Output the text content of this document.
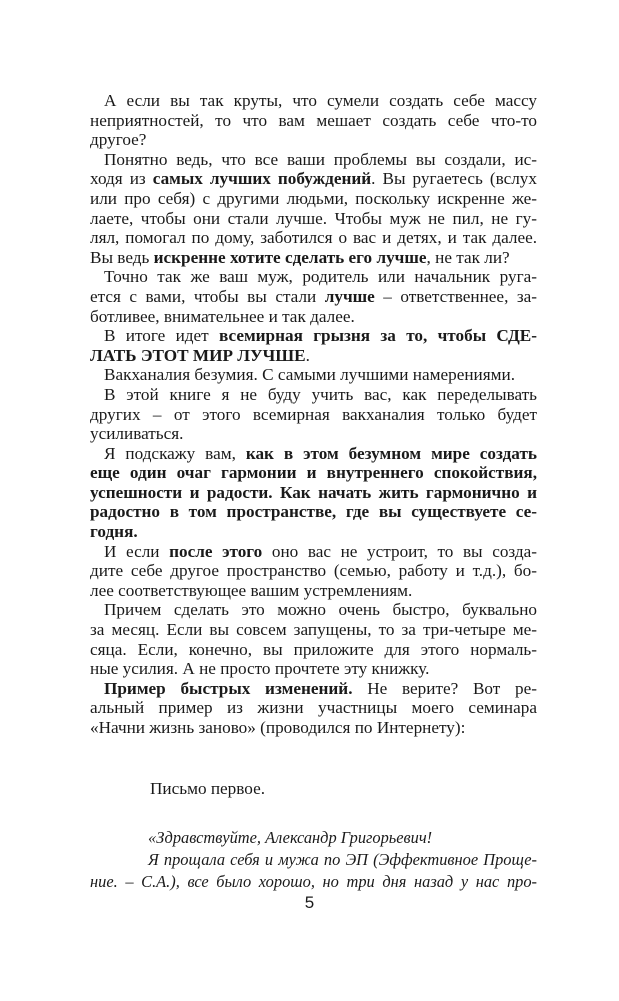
А если вы так круты, что сумели создать себе массу
неприятностей, то что вам мешает создать себе что-то
другое?
Понятно ведь, что все ваши проблемы вы создали, ис-
ходя из самых лучших побуждений. Вы ругаетесь (вслух
или про себя) с другими людьми, поскольку искренне же-
лаете, чтобы они стали лучше. Чтобы муж не пил, не гу-
лял, помогал по дому, заботился о вас и детях, и так далее.
Вы ведь искренне хотите сделать его лучше, не так ли?
Точно так же ваш муж, родитель или начальник руга-
ется с вами, чтобы вы стали лучше – ответственнее, за-
ботливее, внимательнее и так далее.
В итоге идет всемирная грызня за то, чтобы СДЕ-
ЛАТЬ ЭТОТ МИР ЛУЧШЕ.
Вакханалия безумия. С самыми лучшими намерениями.
В этой книге я не буду учить вас, как переделывать
других – от этого всемирная вакханалия только будет
усиливаться.
Я подскажу вам, как в этом безумном мире создать
еще один очаг гармонии и внутреннего спокойствия,
успешности и радости. Как начать жить гармонично и
радостно в том пространстве, где вы существуете се-
годня.
И если после этого оно вас не устроит, то вы созда-
дите себе другое пространство (семью, работу и т.д.), бо-
лее соответствующее вашим устремлениям.
Причем сделать это можно очень быстро, буквально
за месяц. Если вы совсем запущены, то за три-четыре ме-
сяца. Если, конечно, вы приложите для этого нормаль-
ные усилия. А не просто прочтете эту книжку.
Пример быстрых изменений. Не верите? Вот ре-
альный пример из жизни участницы моего семинара
«Начни жизнь заново» (проводился по Интернету):
Письмо первое.
«Здравствуйте, Александр Григорьевич!
Я прощала себя и мужа по ЭП (Эффективное Проще-
ние. – С.А.), все было хорошо, но три дня назад у нас про-
5
